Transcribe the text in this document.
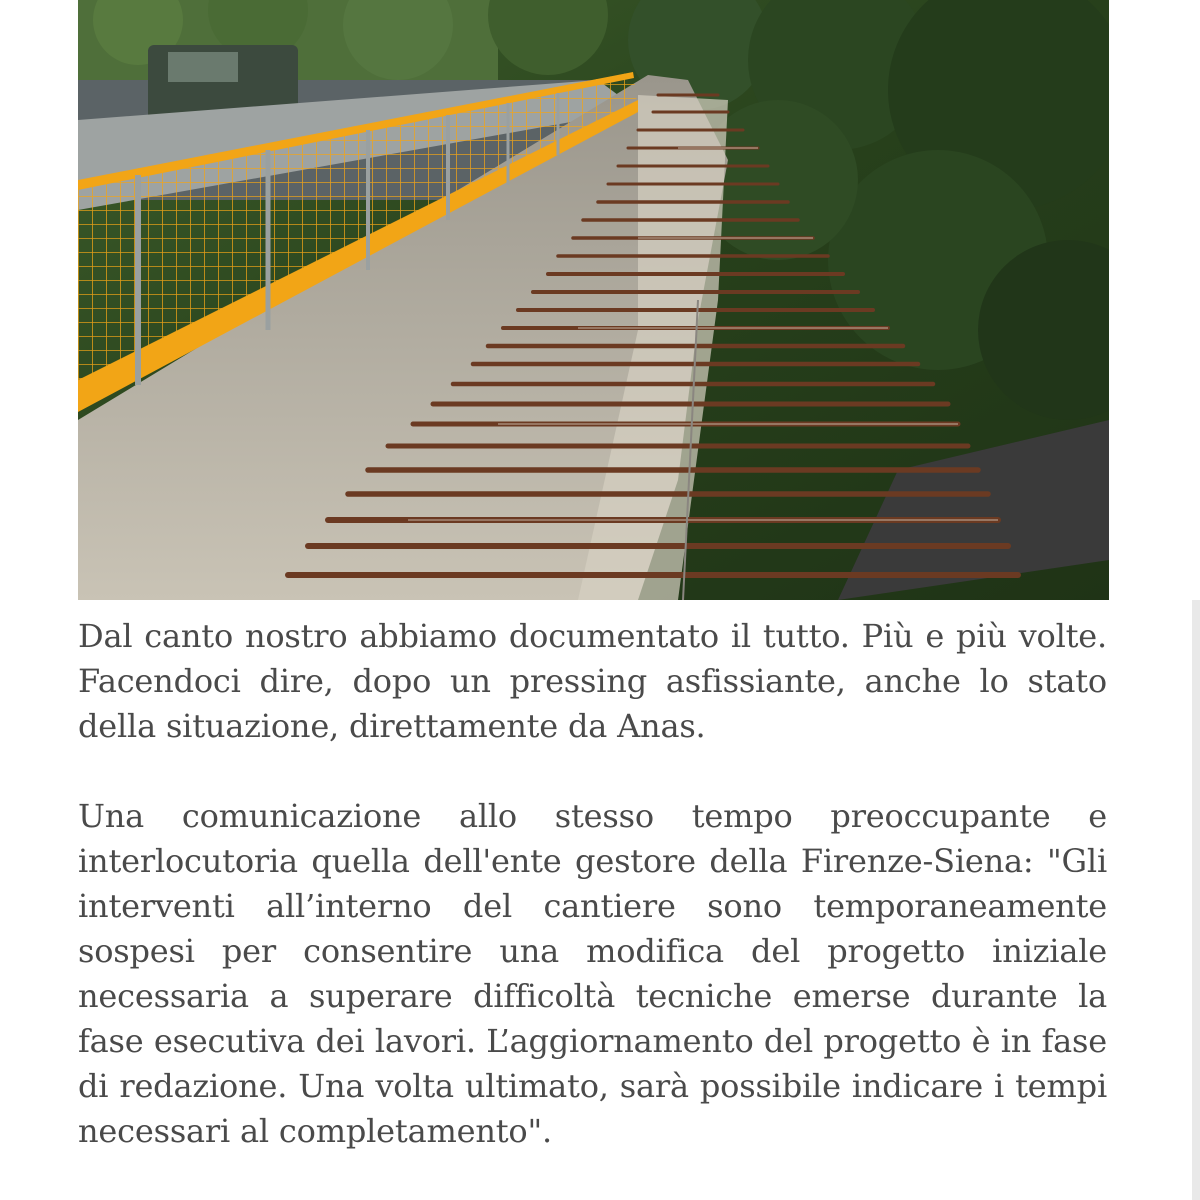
Dal canto nostro abbiamo documentato il tutto. Più e più volte. Facendoci dire, dopo un pressing asfissiante, anche lo stato della situazione, direttamente da Anas.

Una comunicazione allo stesso tempo preoccupante e interlocutoria quella dell'ente gestore della Firenze-Siena: "Gli interventi all’interno del cantiere sono temporaneamente sospesi per consentire una modifica del progetto iniziale necessaria a superare difficoltà tecniche emerse durante la fase esecutiva dei lavori. L’aggiornamento del progetto è in fase di redazione. Una volta ultimato, sarà possibile indicare i tempi necessari al completamento".
